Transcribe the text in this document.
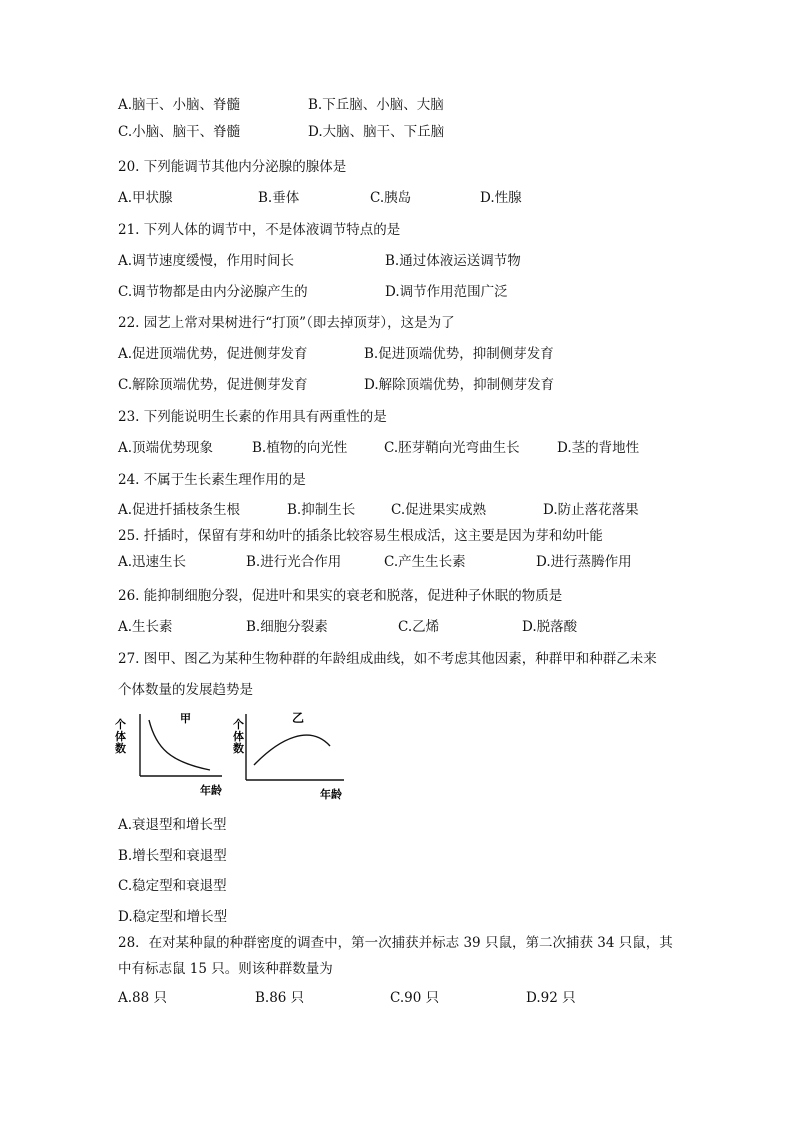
A.脑干、小脑、脊髓	B.下丘脑、小脑、大脑
C.小脑、脑干、脊髓	D.大脑、脑干、下丘脑
20. 下列能调节其他内分泌腺的腺体是
A.甲状腺	B.垂体	C.胰岛	D.性腺
21. 下列人体的调节中，不是体液调节特点的是
A.调节速度缓慢，作用时间长	B.通过体液运送调节物
C.调节物都是由内分泌腺产生的	D.调节作用范围广泛
22. 园艺上常对果树进行“打顶”（即去掉顶芽），这是为了
A.促进顶端优势，促进侧芽发育	B.促进顶端优势，抑制侧芽发育
C.解除顶端优势，促进侧芽发育	D.解除顶端优势，抑制侧芽发育
23. 下列能说明生长素的作用具有两重性的是
A.顶端优势现象	B.植物的向光性	C.胚芽鞘向光弯曲生长	D.茎的背地性
24. 不属于生长素生理作用的是
A.促进扦插枝条生根	B.抑制生长	C.促进果实成熟	D.防止落花落果
25. 扦插时，保留有芽和幼叶的插条比较容易生根成活，这主要是因为芽和幼叶能
A.迅速生长	B.进行光合作用	C.产生生长素	D.进行蒸腾作用
26. 能抑制细胞分裂，促进叶和果实的衰老和脱落，促进种子休眠的物质是
A.生长素	B.细胞分裂素	C.乙烯	D.脱落酸
27. 图甲、图乙为某种生物种群的年龄组成曲线，如不考虑其他因素，种群甲和种群乙未来
个体数量的发展趋势是
个
体
数
甲	个
体
数
乙
年龄	年龄
A.衰退型和增长型
B.增长型和衰退型
C.稳定型和衰退型
D.稳定型和增长型
28．在对某种鼠的种群密度的调查中，第一次捕获并标志 39 只鼠，第二次捕获 34 只鼠，其
中有标志鼠 15 只。则该种群数量为
A.88 只	B.86 只	C.90 只	D.92 只
